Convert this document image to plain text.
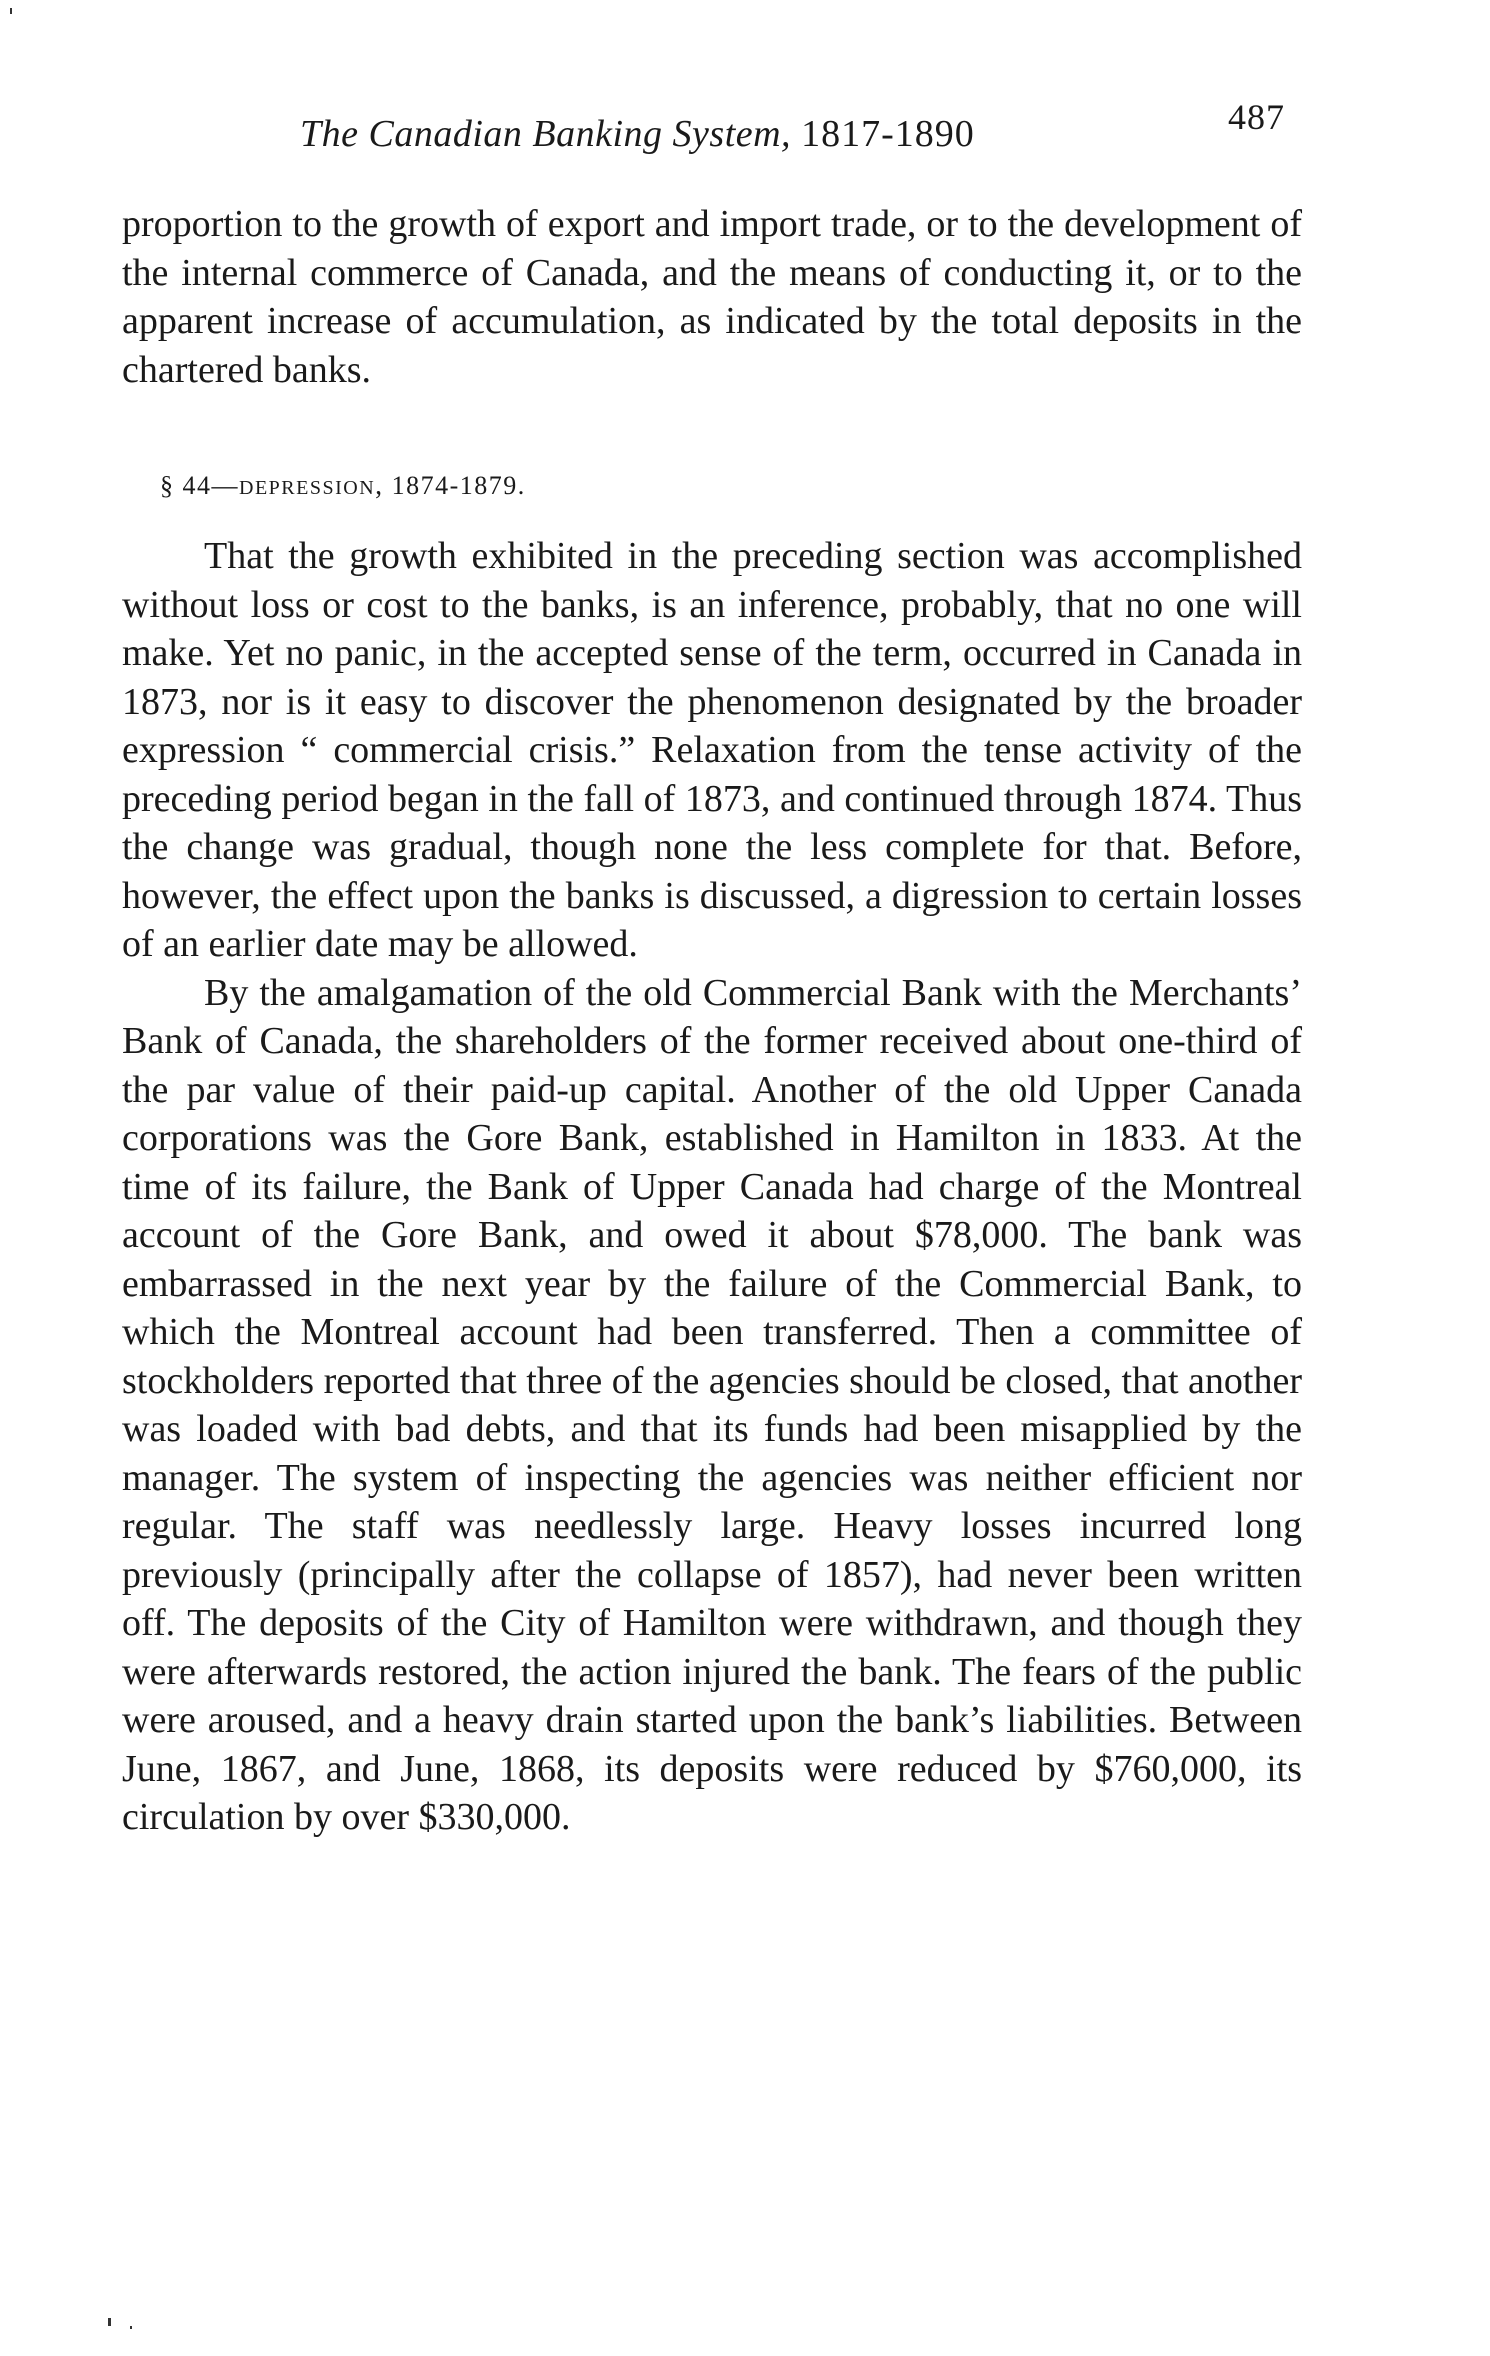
The Canadian Banking System, 1817-1890	487
proportion to the growth of export and import trade, or to the development of the internal commerce of Canada, and the means of conducting it, or to the apparent increase of accumulation, as indicated by the total deposits in the chartered banks.
§ 44—depression, 1874-1879.

That the growth exhibited in the preceding section was accomplished without loss or cost to the banks, is an inference, probably, that no one will make. Yet no panic, in the accepted sense of the term, occurred in Canada in 1873, nor is it easy to discover the phenomenon designated by the broader expression “ commercial crisis.” Relaxation from the tense activity of the preceding period began in the fall of 1873, and continued through 1874. Thus the change was gradual, though none the less complete for that. Before, however, the effect upon the banks is discussed, a digression to certain losses of an earlier date may be allowed.

By the amalgamation of the old Commercial Bank with the Merchants’ Bank of Canada, the shareholders of the former received about one-third of the par value of their paid-up capital. Another of the old Upper Canada corporations was the Gore Bank, established in Hamilton in 1833. At the time of its failure, the Bank of Upper Canada had charge of the Montreal account of the Gore Bank, and owed it about $78,000. The bank was embarrassed in the next year by the failure of the Commercial Bank, to which the Montreal account had been transferred. Then a committee of stockholders reported that three of the agencies should be closed, that another was loaded with bad debts, and that its funds had been misapplied by the manager. The system of inspecting the agencies was neither efficient nor regular. The staff was needlessly large. Heavy losses incurred long previously (principally after the collapse of 1857), had never been written off. The deposits of the City of Hamilton were withdrawn, and though they were afterwards restored, the action injured the bank. The fears of the public were aroused, and a heavy drain started upon the bank’s liabilities. Between June, 1867, and June, 1868, its deposits were reduced by $760,000, its circulation by over $330,000.
